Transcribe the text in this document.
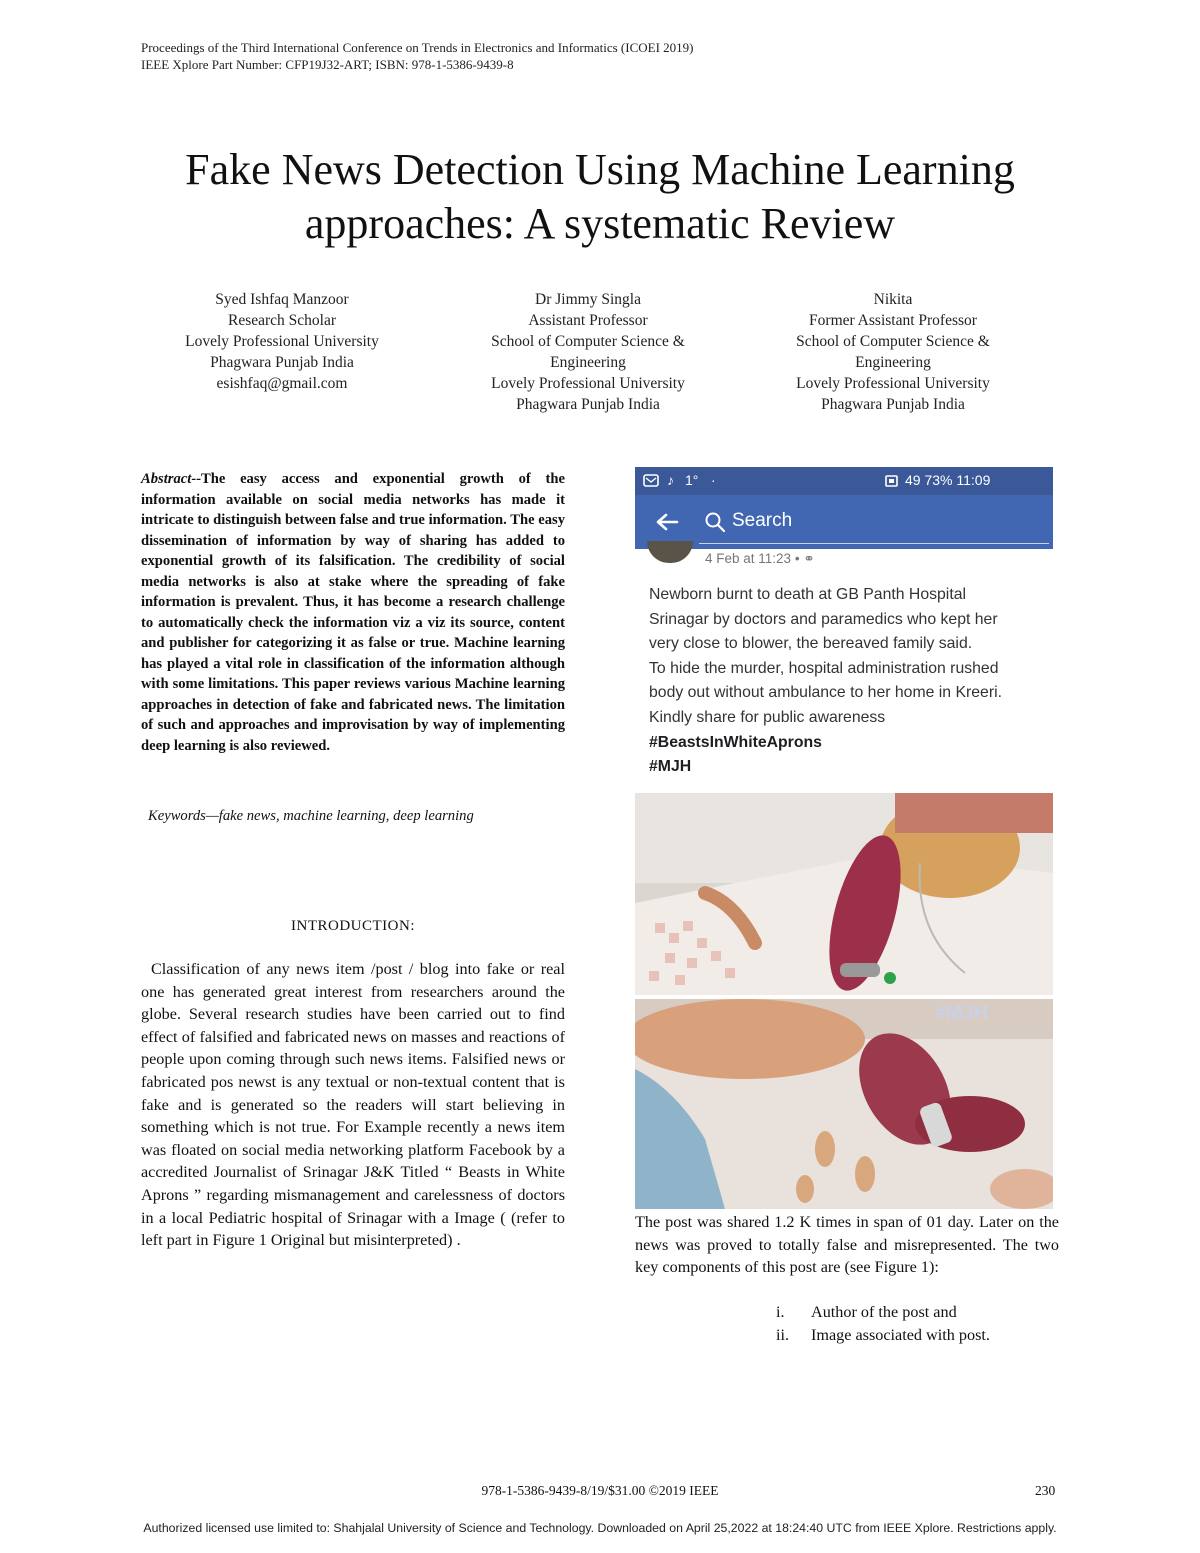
Proceedings of the Third International Conference on Trends in Electronics and Informatics (ICOEI 2019)
IEEE Xplore Part Number: CFP19J32-ART; ISBN: 978-1-5386-9439-8
Fake News Detection Using Machine Learning
approaches: A systematic Review
Syed Ishfaq Manzoor
Research Scholar
Lovely Professional University
Phagwara Punjab India
esishfaq@gmail.com
Dr Jimmy Singla
Assistant Professor
School of Computer Science &
Engineering
Lovely Professional University
Phagwara Punjab India
Nikita
Former Assistant Professor
School of Computer Science &
Engineering
Lovely Professional University
Phagwara Punjab India
Abstract--The easy access and exponential growth of the information available on social media networks has made it intricate to distinguish between false and true information. The easy dissemination of information by way of sharing has added to exponential growth of its falsification. The credibility of social media networks is also at stake where the spreading of fake information is prevalent. Thus, it has become a research challenge to automatically check the information viz a viz its source, content and publisher for categorizing it as false or true. Machine learning has played a vital role in classification of the information although with some limitations. This paper reviews various Machine learning approaches in detection of fake and fabricated news. The limitation of such and approaches and improvisation by way of implementing deep learning is also reviewed.
Keywords—fake news, machine learning, deep learning
INTRODUCTION:
Classification of any news item /post / blog into fake or real one has generated great interest from researchers around the globe. Several research studies have been carried out to find effect of falsified and fabricated news on masses and reactions of people upon coming through such news items. Falsified news or fabricated pos newst is any textual or non-textual content that is fake and is generated so the readers will start believing in something which is not true. For Example recently a news item was floated on social media networking platform Facebook by a accredited Journalist of Srinagar J&K Titled “ Beasts in White Aprons ” regarding mismanagement and carelessness of doctors in a local Pediatric hospital of Srinagar with a Image ( (refer to left part in Figure 1 Original but misinterpreted) .
♪ 1° ·	49 73% 11:09
Search
4 Feb at 11:23 • ⚭
Newborn burnt to death at GB Panth Hospital
Srinagar by doctors and paramedics who kept her
very close to blower, the bereaved family said.
To hide the murder, hospital administration rushed
body out without ambulance to her home in Kreeri.
Kindly share for public awareness
#BeastsInWhiteAprons
#MJH
#MJH
The post was shared 1.2 K times in span of 01 day. Later on the news was proved to totally false and misrepresented. The two key components of this post are (see Figure 1):
i. Author of the post and
ii. Image associated with post.
978-1-5386-9439-8/19/$31.00 ©2019 IEEE	230
Authorized licensed use limited to: Shahjalal University of Science and Technology. Downloaded on April 25,2022 at 18:24:40 UTC from IEEE Xplore. Restrictions apply.
